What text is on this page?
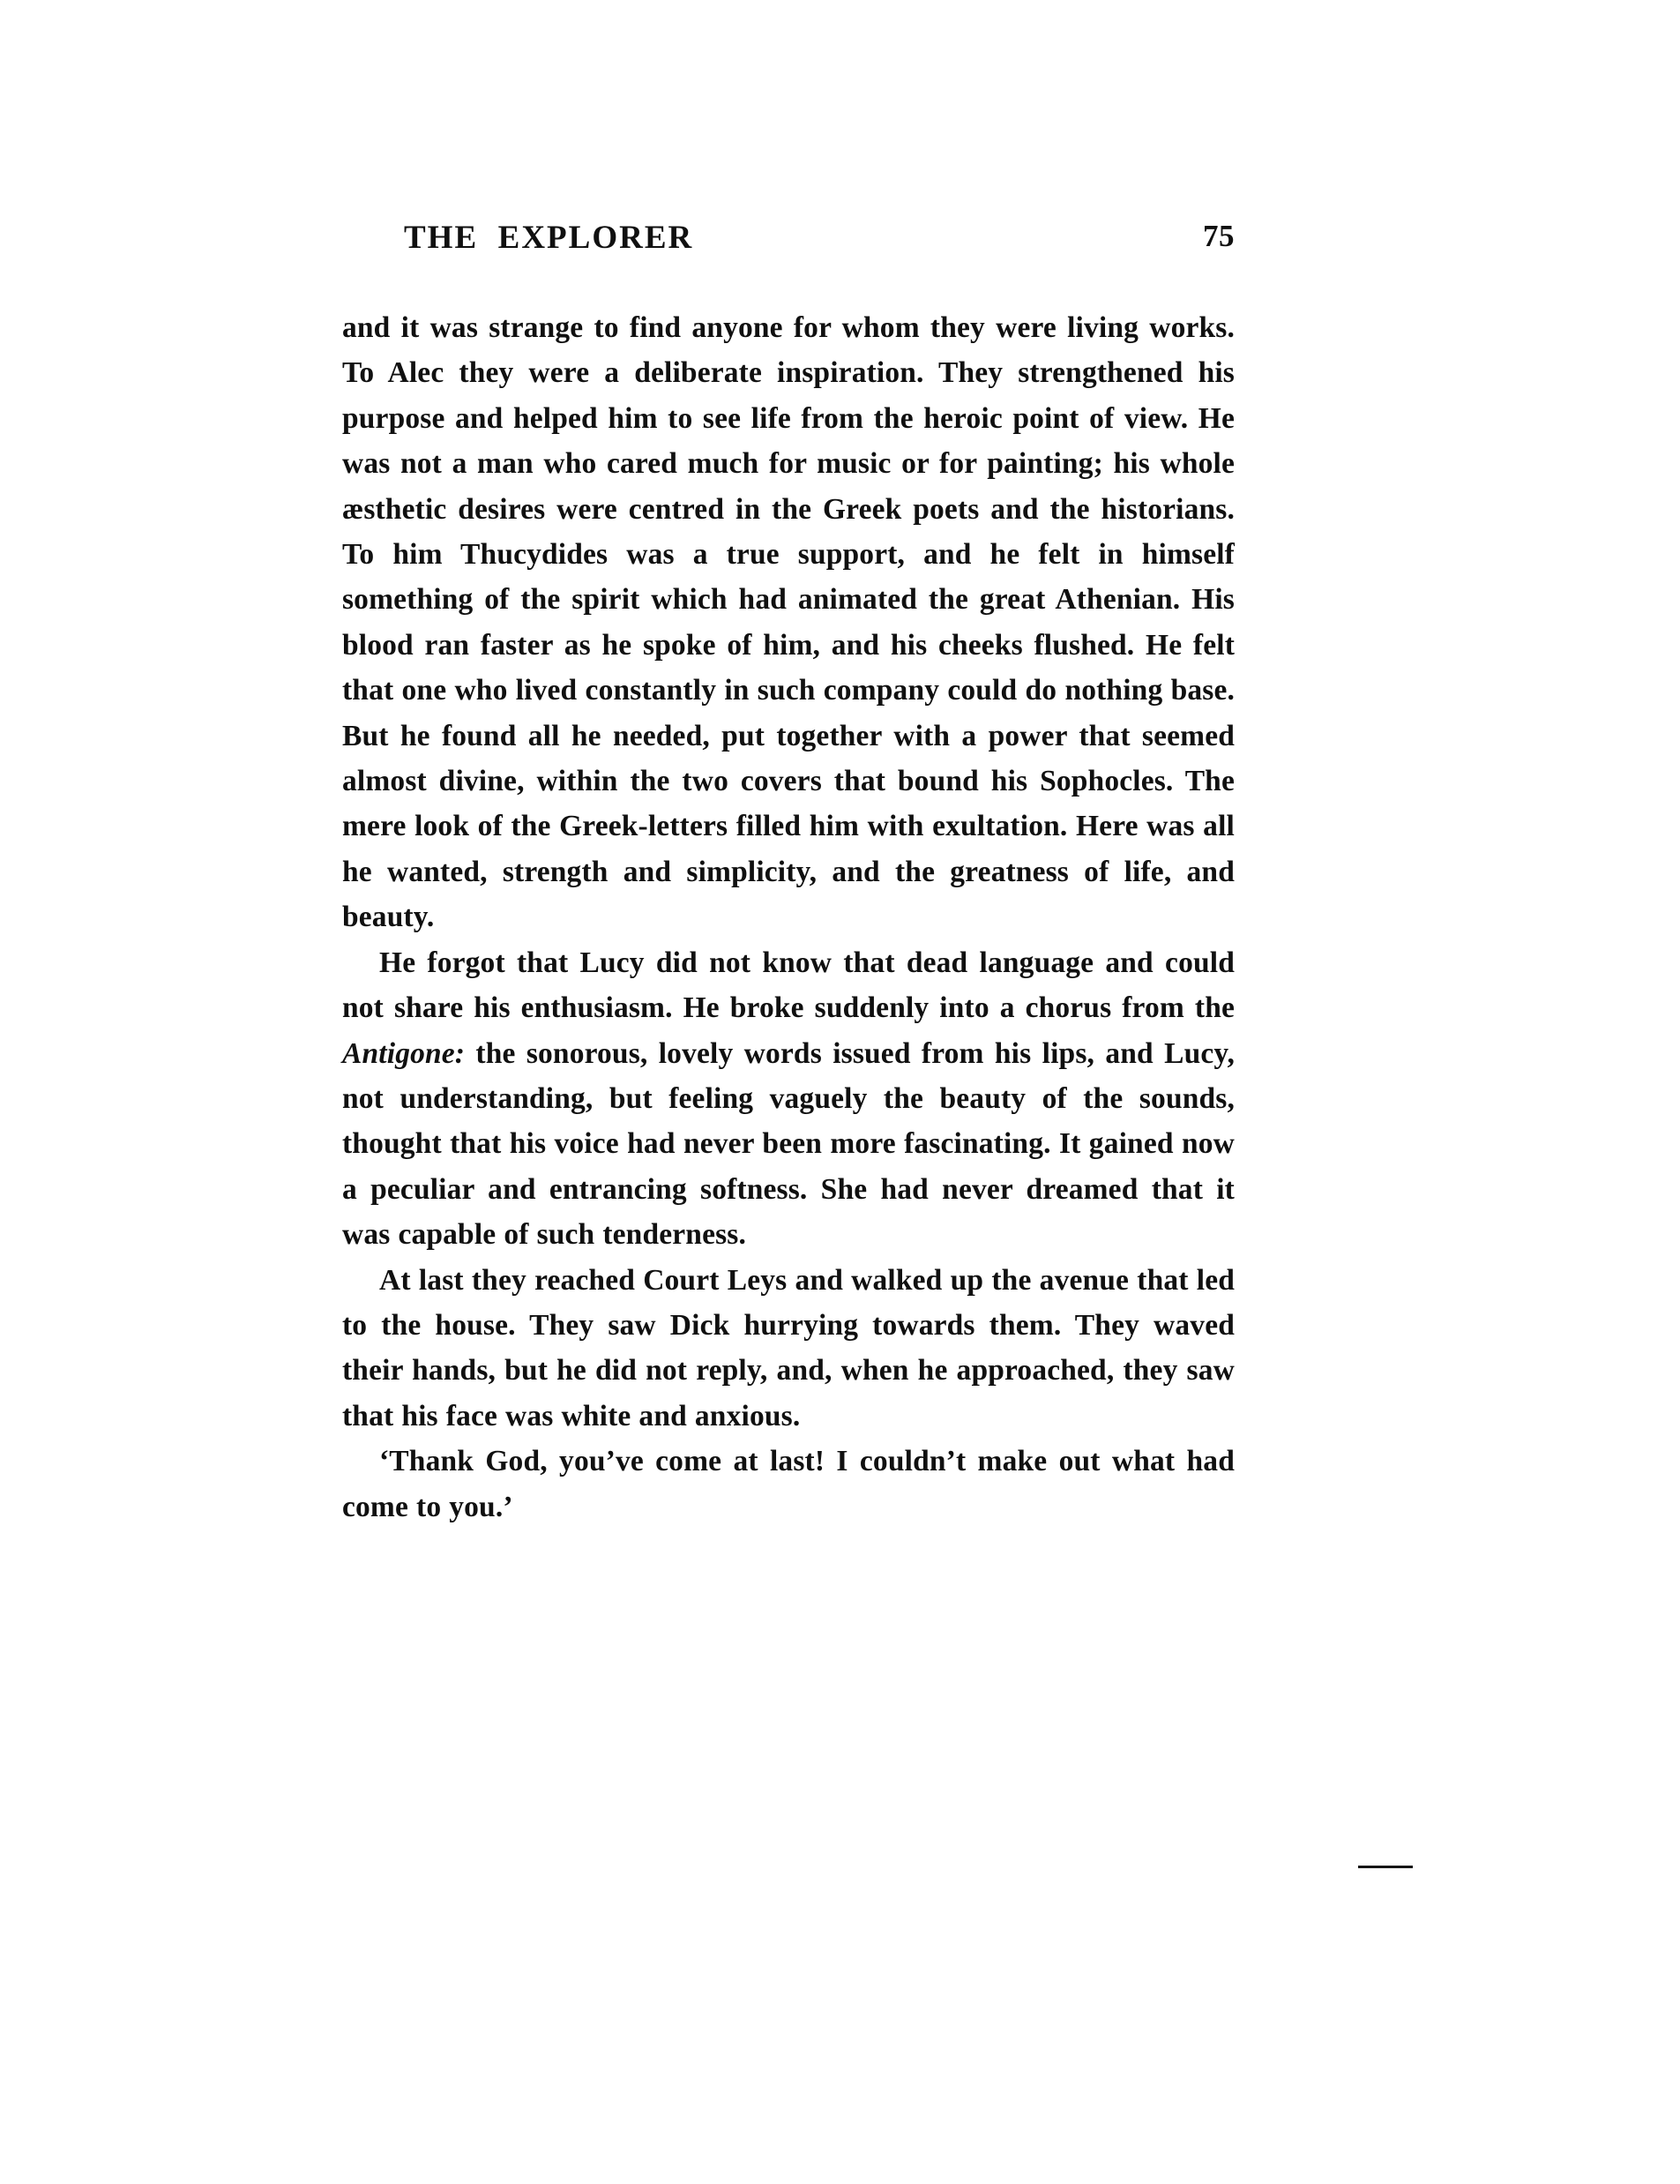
THE  EXPLORER	75

and it was strange to find anyone for whom they were living works. To Alec they were a deliberate inspiration. They strengthened his purpose and helped him to see life from the heroic point of view. He was not a man who cared much for music or for painting; his whole æsthetic desires were centred in the Greek poets and the historians. To him Thucydides was a true support, and he felt in himself something of the spirit which had animated the great Athenian. His blood ran faster as he spoke of him, and his cheeks flushed. He felt that one who lived constantly in such company could do nothing base. But he found all he needed, put together with a power that seemed almost divine, within the two covers that bound his Sophocles. The mere look of the Greek-letters filled him with exultation. Here was all he wanted, strength and simplicity, and the greatness of life, and beauty.

He forgot that Lucy did not know that dead language and could not share his enthusiasm. He broke suddenly into a chorus from the Antigone: the sonorous, lovely words issued from his lips, and Lucy, not understanding, but feeling vaguely the beauty of the sounds, thought that his voice had never been more fascinating. It gained now a peculiar and entrancing softness. She had never dreamed that it was capable of such tenderness.

At last they reached Court Leys and walked up the avenue that led to the house. They saw Dick hurrying towards them. They waved their hands, but he did not reply, and, when he approached, they saw that his face was white and anxious.

‘Thank God, you’ve come at last! I couldn’t make out what had come to you.’
